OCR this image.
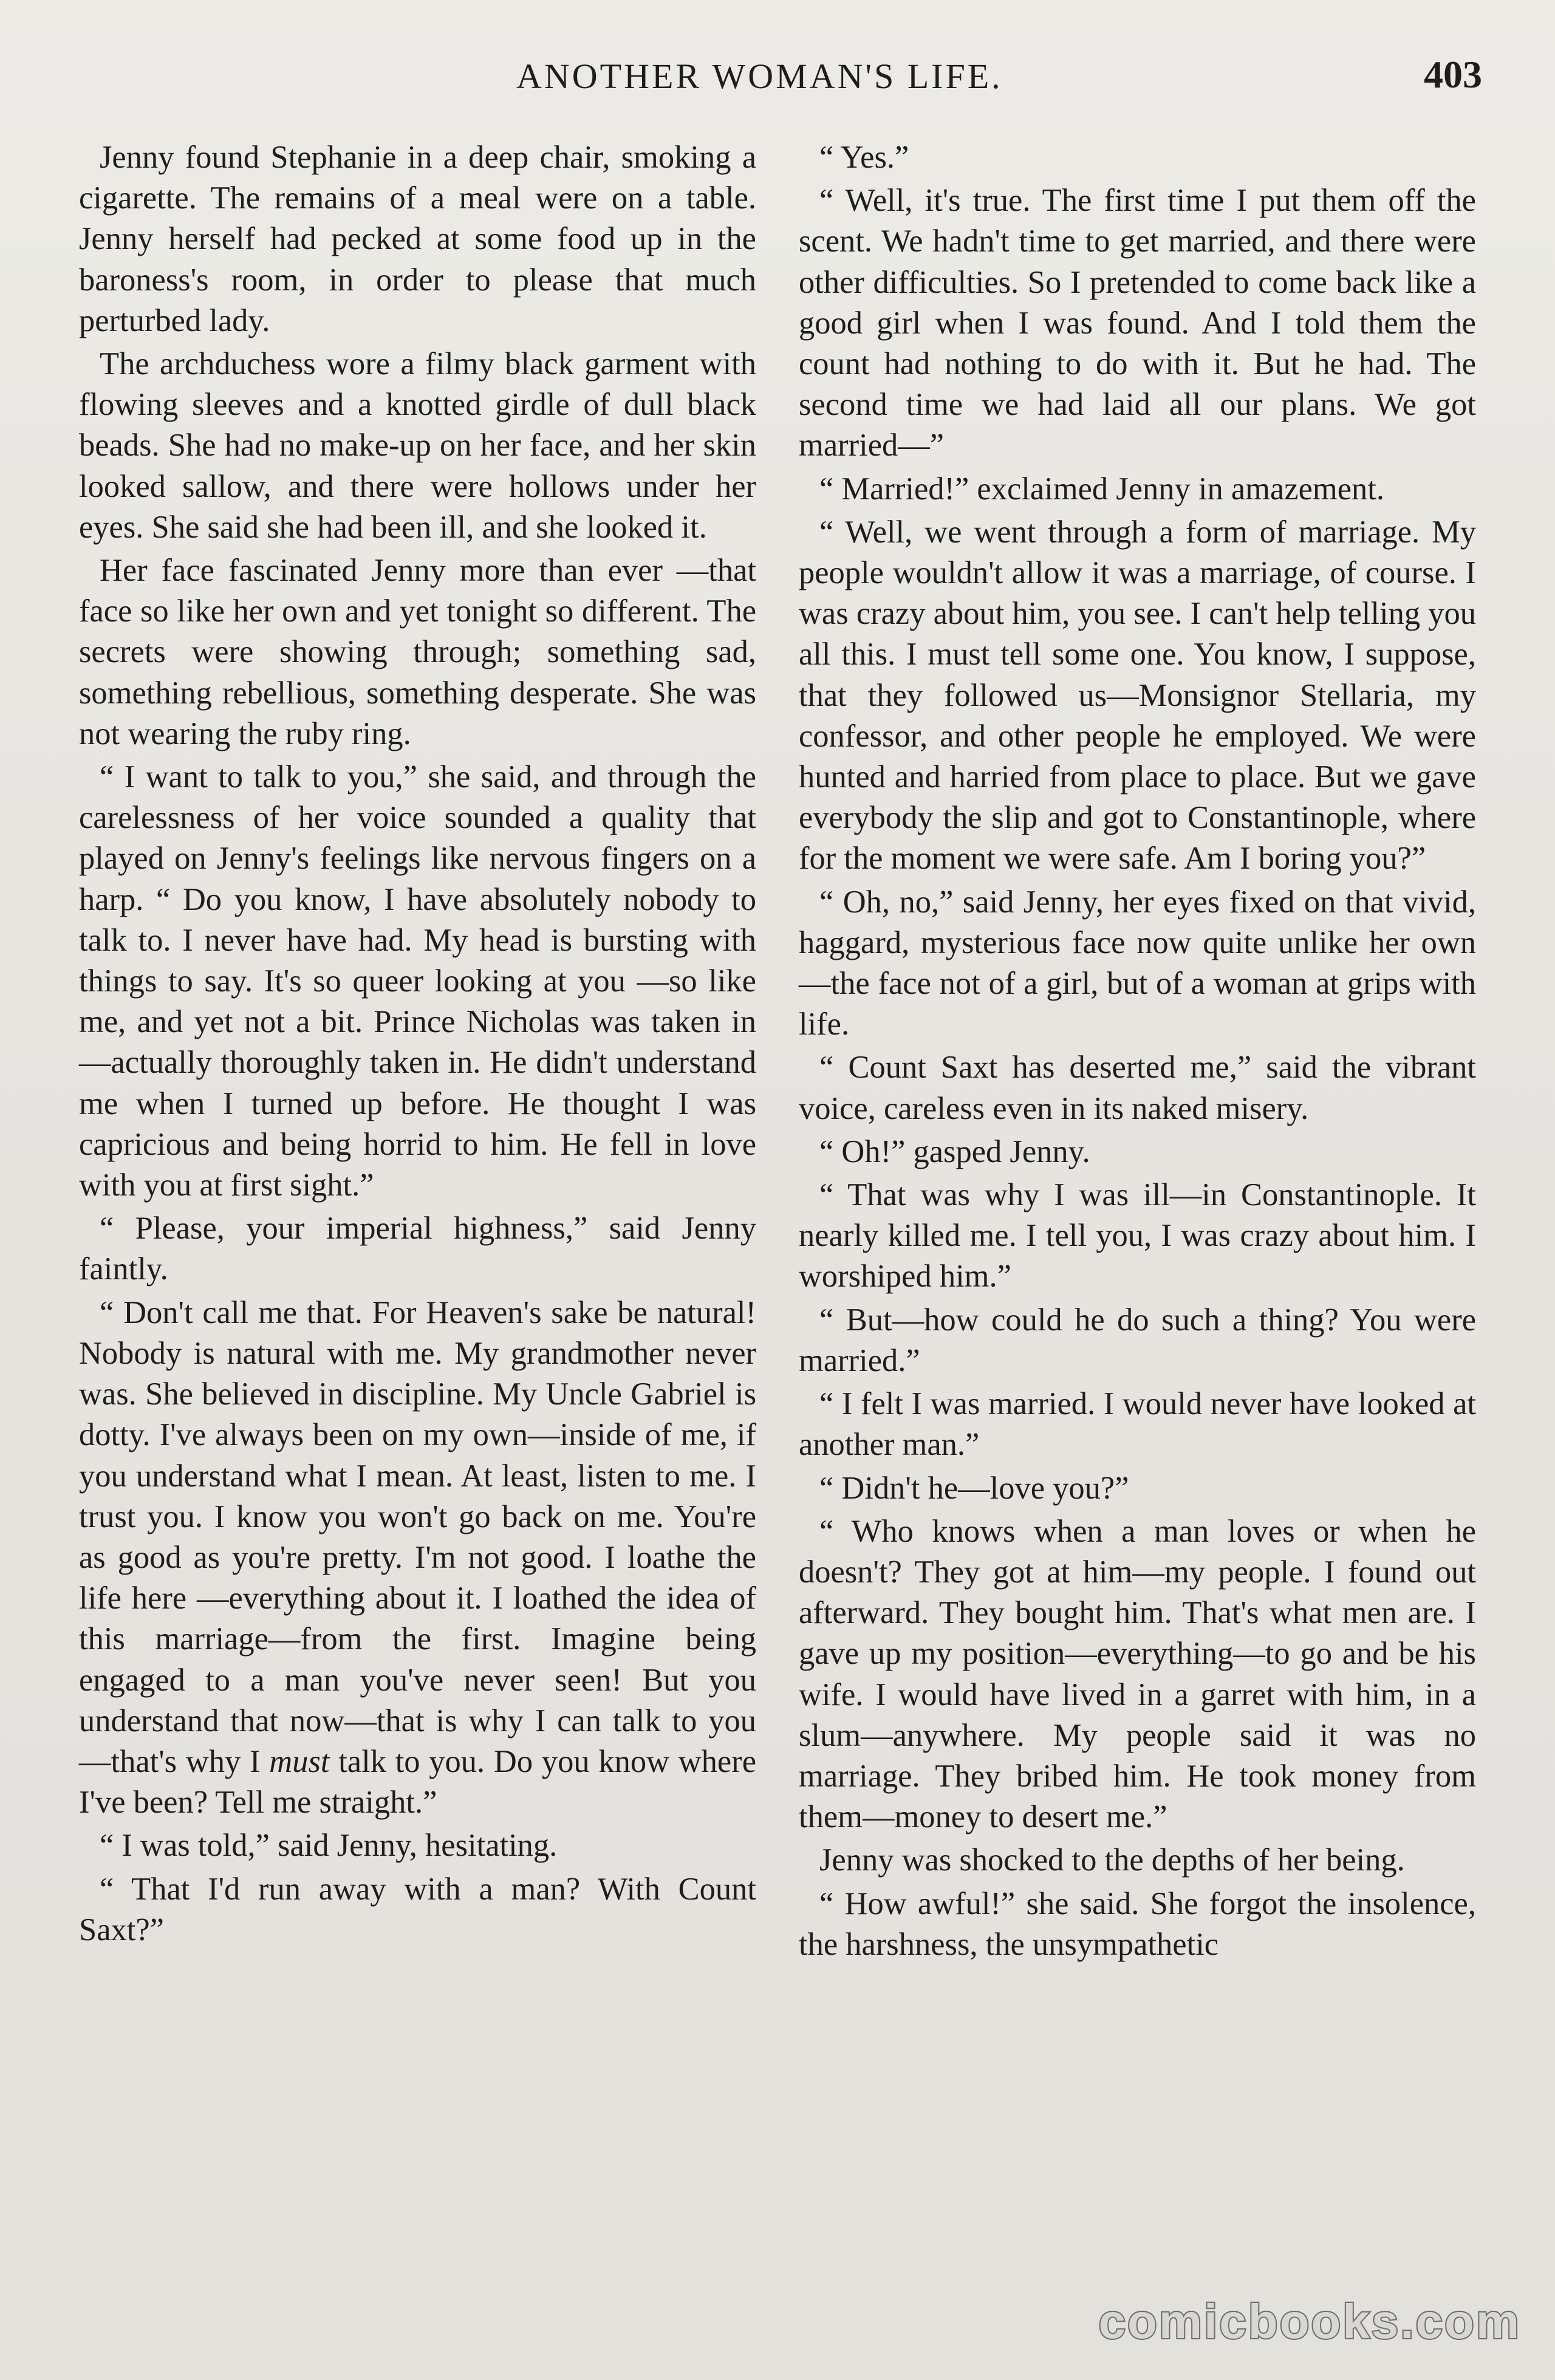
ANOTHER WOMAN'S LIFE.	403

Jenny found Stephanie in a deep chair, smoking a cigarette. The remains of a meal were on a table. Jenny herself had pecked at some food up in the baroness's room, in order to please that much perturbed lady.

The archduchess wore a filmy black garment with flowing sleeves and a knotted girdle of dull black beads. She had no make-up on her face, and her skin looked sallow, and there were hollows under her eyes. She said she had been ill, and she looked it.

Her face fascinated Jenny more than ever —that face so like her own and yet tonight so different. The secrets were showing through; something sad, something rebellious, something desperate. She was not wearing the ruby ring.

“ I want to talk to you,” she said, and through the carelessness of her voice sounded a quality that played on Jenny's feelings like nervous fingers on a harp. “ Do you know, I have absolutely nobody to talk to. I never have had. My head is bursting with things to say. It's so queer looking at you —so like me, and yet not a bit. Prince Nicholas was taken in—actually thoroughly taken in. He didn't understand me when I turned up before. He thought I was capricious and being horrid to him. He fell in love with you at first sight.”

“ Please, your imperial highness,” said Jenny faintly.

“ Don't call me that. For Heaven's sake be natural! Nobody is natural with me. My grandmother never was. She believed in discipline. My Uncle Gabriel is dotty. I've always been on my own—inside of me, if you understand what I mean. At least, listen to me. I trust you. I know you won't go back on me. You're as good as you're pretty. I'm not good. I loathe the life here —everything about it. I loathed the idea of this marriage—from the first. Imagine being engaged to a man you've never seen! But you understand that now—that is why I can talk to you—that's why I must talk to you. Do you know where I've been? Tell me straight.”

“ I was told,” said Jenny, hesitating.

“ That I'd run away with a man? With Count Saxt?”

“ Yes.”

“ Well, it's true. The first time I put them off the scent. We hadn't time to get married, and there were other difficulties. So I pretended to come back like a good girl when I was found. And I told them the count had nothing to do with it. But he had. The second time we had laid all our plans. We got married—”

“ Married!” exclaimed Jenny in amazement.

“ Well, we went through a form of marriage. My people wouldn't allow it was a marriage, of course. I was crazy about him, you see. I can't help telling you all this. I must tell some one. You know, I suppose, that they followed us—Monsignor Stellaria, my confessor, and other people he employed. We were hunted and harried from place to place. But we gave everybody the slip and got to Constantinople, where for the moment we were safe. Am I boring you?”

“ Oh, no,” said Jenny, her eyes fixed on that vivid, haggard, mysterious face now quite unlike her own—the face not of a girl, but of a woman at grips with life.

“ Count Saxt has deserted me,” said the vibrant voice, careless even in its naked misery.

“ Oh!” gasped Jenny.

“ That was why I was ill—in Constantinople. It nearly killed me. I tell you, I was crazy about him. I worshiped him.”

“ But—how could he do such a thing? You were married.”

“ I felt I was married. I would never have looked at another man.”

“ Didn't he—love you?”

“ Who knows when a man loves or when he doesn't? They got at him—my people. I found out afterward. They bought him. That's what men are. I gave up my position—everything—to go and be his wife. I would have lived in a garret with him, in a slum—anywhere. My people said it was no marriage. They bribed him. He took money from them—money to desert me.”

Jenny was shocked to the depths of her being.

“ How awful!” she said. She forgot the insolence, the harshness, the unsympathetic

comicbooks.com
